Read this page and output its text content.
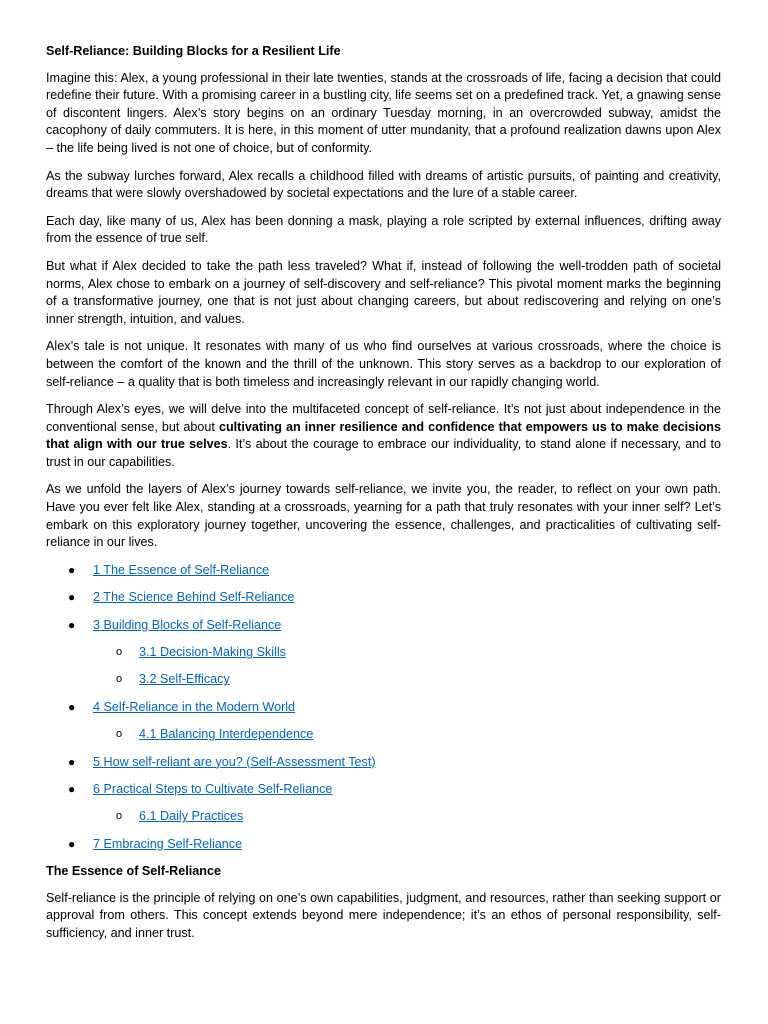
Self-Reliance: Building Blocks for a Resilient Life

Imagine this: Alex, a young professional in their late twenties, stands at the crossroads of life, facing a decision that could redefine their future. With a promising career in a bustling city, life seems set on a predefined track. Yet, a gnawing sense of discontent lingers. Alex’s story begins on an ordinary Tuesday morning, in an overcrowded subway, amidst the cacophony of daily commuters. It is here, in this moment of utter mundanity, that a profound realization dawns upon Alex – the life being lived is not one of choice, but of conformity.

As the subway lurches forward, Alex recalls a childhood filled with dreams of artistic pursuits, of painting and creativity, dreams that were slowly overshadowed by societal expectations and the lure of a stable career.

Each day, like many of us, Alex has been donning a mask, playing a role scripted by external influences, drifting away from the essence of true self.

But what if Alex decided to take the path less traveled? What if, instead of following the well-trodden path of societal norms, Alex chose to embark on a journey of self-discovery and self-reliance? This pivotal moment marks the beginning of a transformative journey, one that is not just about changing careers, but about rediscovering and relying on one’s inner strength, intuition, and values.

Alex’s tale is not unique. It resonates with many of us who find ourselves at various crossroads, where the choice is between the comfort of the known and the thrill of the unknown. This story serves as a backdrop to our exploration of self-reliance – a quality that is both timeless and increasingly relevant in our rapidly changing world.

Through Alex’s eyes, we will delve into the multifaceted concept of self-reliance. It’s not just about independence in the conventional sense, but about cultivating an inner resilience and confidence that empowers us to make decisions that align with our true selves. It’s about the courage to embrace our individuality, to stand alone if necessary, and to trust in our capabilities.

As we unfold the layers of Alex’s journey towards self-reliance, we invite you, the reader, to reflect on your own path. Have you ever felt like Alex, standing at a crossroads, yearning for a path that truly resonates with your inner self? Let’s embark on this exploratory journey together, uncovering the essence, challenges, and practicalities of cultivating self-reliance in our lives.

● 1 The Essence of Self-Reliance
● 2 The Science Behind Self-Reliance
● 3 Building Blocks of Self-Reliance
o 3.1 Decision-Making Skills
o 3.2 Self-Efficacy
● 4 Self-Reliance in the Modern World
o 4.1 Balancing Interdependence
● 5 How self-reliant are you? (Self-Assessment Test)
● 6 Practical Steps to Cultivate Self-Reliance
o 6.1 Daily Practices
● 7 Embracing Self-Reliance
The Essence of Self-Reliance

Self-reliance is the principle of relying on one’s own capabilities, judgment, and resources, rather than seeking support or approval from others. This concept extends beyond mere independence; it’s an ethos of personal responsibility, self-sufficiency, and inner trust.
